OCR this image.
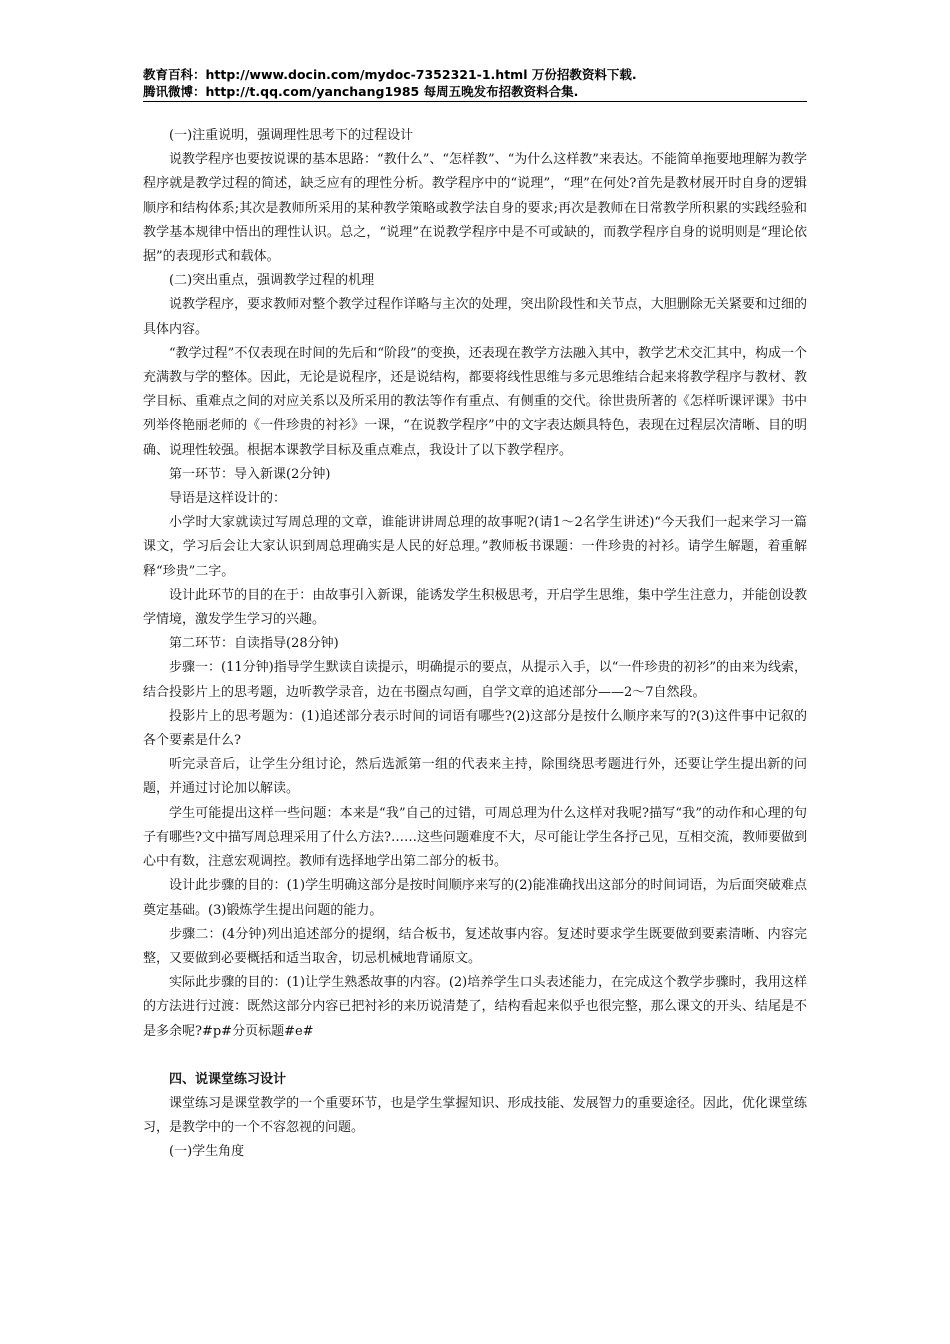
教育百科：http://www.docin.com/mydoc-7352321-1.html 万份招教资料下载.
腾讯微博：http://t.qq.com/yanchang1985 每周五晚发布招教资料合集.

(一)注重说明，强调理性思考下的过程设计

说教学程序也要按说课的基本思路：“教什么”、“怎样教”、“为什么这样教”来表达。不能简单拖要地理解为教学程序就是教学过程的简述，缺乏应有的理性分析。教学程序中的“说理”，“理”在何处?首先是教材展开时自身的逻辑顺序和结构体系;其次是教师所采用的某种教学策略或教学法自身的要求;再次是教师在日常教学所积累的实践经验和教学基本规律中悟出的理性认识。总之，“说理”在说教学程序中是不可或缺的，而教学程序自身的说明则是“理论依据”的表现形式和载体。

(二)突出重点，强调教学过程的机理

说教学程序，要求教师对整个教学过程作详略与主次的处理，突出阶段性和关节点，大胆删除无关紧要和过细的具体内容。

“教学过程”不仅表现在时间的先后和“阶段”的变换，还表现在教学方法融入其中，教学艺术交汇其中，构成一个充满教与学的整体。因此，无论是说程序，还是说结构，都要将线性思维与多元思维结合起来将教学程序与教材、教学目标、重难点之间的对应关系以及所采用的教法等作有重点、有侧重的交代。徐世贵所著的《怎样听课评课》书中列举佟艳丽老师的《一件珍贵的衬衫》一课，“在说教学程序”中的文字表达颇具特色，表现在过程层次清晰、目的明确、说理性较强。根据本课教学目标及重点难点，我设计了以下教学程序。

第一环节：导入新课(2分钟)

导语是这样设计的：

小学时大家就读过写周总理的文章，谁能讲讲周总理的故事呢?(请1～2名学生讲述)“今天我们一起来学习一篇课文，学习后会让大家认识到周总理确实是人民的好总理。”教师板书课题：一件珍贵的衬衫。请学生解题，着重解释“珍贵”二字。

设计此环节的目的在于：由故事引入新课，能诱发学生积极思考，开启学生思维，集中学生注意力，并能创设教学情境，激发学生学习的兴趣。

第二环节：自读指导(28分钟)

步骤一：(11分钟)指导学生默读自读提示，明确提示的要点，从提示入手，以“一件珍贵的初衫”的由来为线索，结合投影片上的思考题，边听教学录音，边在书圈点勾画，自学文章的追述部分——2～7自然段。

投影片上的思考题为：(1)追述部分表示时间的词语有哪些?(2)这部分是按什么顺序来写的?(3)这件事中记叙的各个要素是什么?

听完录音后，让学生分组讨论，然后选派第一组的代表来主持，除围绕思考题进行外，还要让学生提出新的问题，并通过讨论加以解读。

学生可能提出这样一些问题：本来是“我”自己的过错，可周总理为什么这样对我呢?描写“我”的动作和心理的句子有哪些?文中描写周总理采用了什么方法?……这些问题难度不大，尽可能让学生各抒己见，互相交流，教师要做到心中有数，注意宏观调控。教师有选择地学出第二部分的板书。

设计此步骤的目的：(1)学生明确这部分是按时间顺序来写的(2)能准确找出这部分的时间词语，为后面突破难点奠定基础。(3)锻炼学生提出问题的能力。

步骤二：(4分钟)列出追述部分的提纲，结合板书，复述故事内容。复述时要求学生既要做到要素清晰、内容完整，又要做到必要概括和适当取舍，切忌机械地背诵原文。

实际此步骤的目的：(1)让学生熟悉故事的内容。(2)培养学生口头表述能力，在完成这个教学步骤时，我用这样的方法进行过渡：既然这部分内容已把衬衫的来历说清楚了，结构看起来似乎也很完整，那么课文的开头、结尾是不是多余呢?#p#分页标题#e#

四、说课堂练习设计

课堂练习是课堂教学的一个重要环节，也是学生掌握知识、形成技能、发展智力的重要途径。因此，优化课堂练习，是教学中的一个不容忽视的问题。

(一)学生角度
